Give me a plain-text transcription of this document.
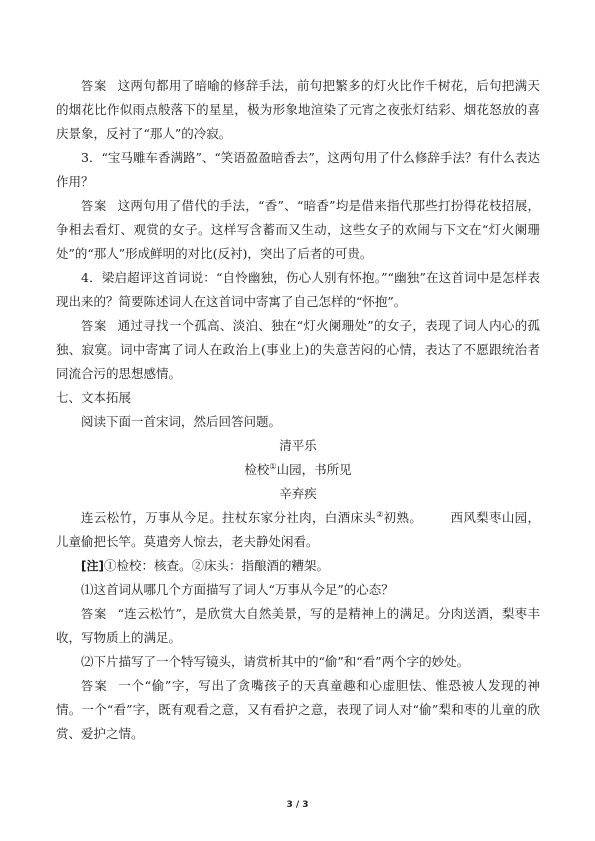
答案 这两句都用了暗喻的修辞手法，前句把繁多的灯火比作千树花，后句把满天的烟花比作似雨点般落下的星星，极为形象地渲染了元宵之夜张灯结彩、烟花怒放的喜庆景象，反衬了“那人”的冷寂。

3．“宝马雕车香满路”、“笑语盈盈暗香去”，这两句用了什么修辞手法？有什么表达作用？

答案 这两句用了借代的手法，“香”、“暗香”均是借来指代那些打扮得花枝招展，争相去看灯、观赏的女子。这样写含蓄而又生动，这些女子的欢闹与下文在“灯火阑珊处”的“那人”形成鲜明的对比(反衬)，突出了后者的可贵。

4．梁启超评这首词说：“自怜幽独，伤心人别有怀抱。”“幽独”在这首词中是怎样表现出来的？简要陈述词人在这首词中寄寓了自己怎样的“怀抱”。

答案 通过寻找一个孤高、淡泊、独在“灯火阑珊处”的女子，表现了词人内心的孤独、寂寞。词中寄寓了词人在政治上(事业上)的失意苦闷的心情，表达了不愿跟统治者同流合污的思想感情。

七、文本拓展

阅读下面一首宋词，然后回答问题。

清平乐

检校①山园，书所见

辛弃疾

连云松竹，万事从今足。拄杖东家分社肉，白酒床头②初熟。 西风梨枣山园，儿童偷把长竿。莫遣旁人惊去，老夫静处闲看。

[注]①检校：核查。②床头：指酿酒的糟架。

⑴这首词从哪几个方面描写了词人“万事从今足”的心态？

答案 “连云松竹”，是欣赏大自然美景，写的是精神上的满足。分肉送酒，梨枣丰收，写物质上的满足。

⑵下片描写了一个特写镜头，请赏析其中的“偷”和“看”两个字的妙处。

答案 一个“偷”字，写出了贪嘴孩子的天真童趣和心虚胆怯、惟恐被人发现的神情。一个“看”字，既有观看之意，又有看护之意，表现了词人对“偷”梨和枣的儿童的欣赏、爱护之情。

3 / 3
